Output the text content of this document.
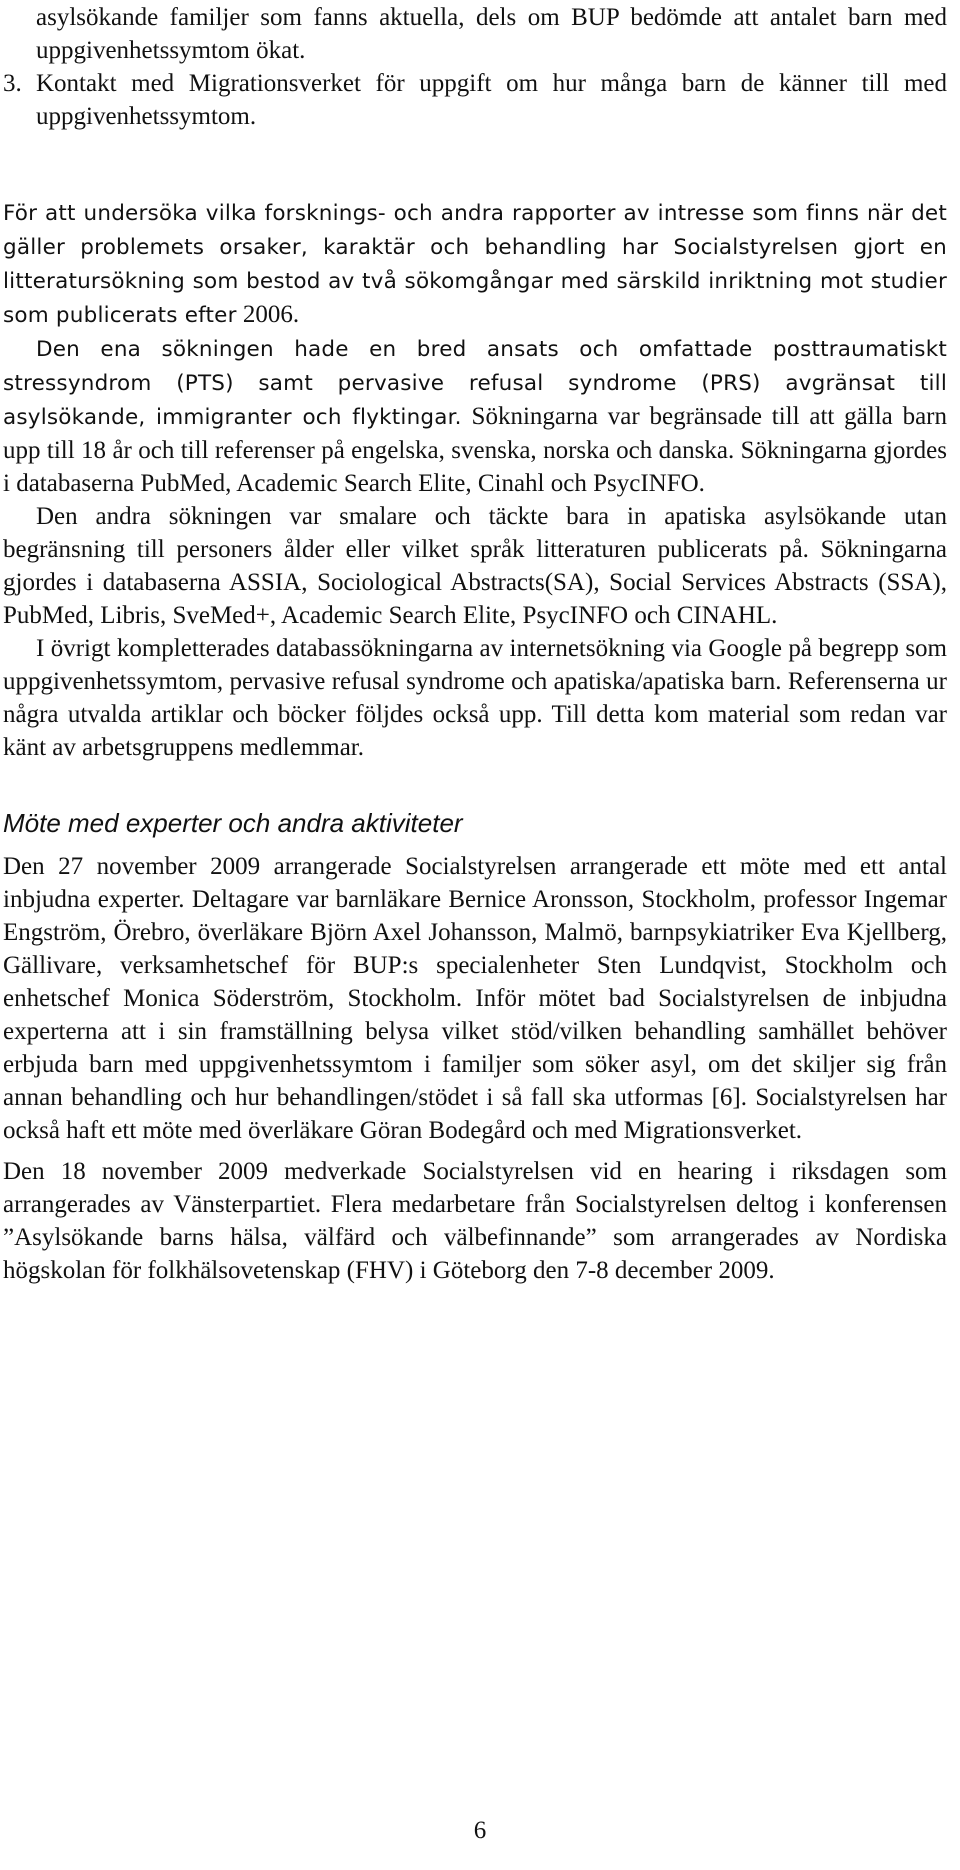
asylsökande familjer som fanns aktuella, dels om BUP bedömde att antalet barn med uppgivenhetssymtom ökat.

3. Kontakt med Migrationsverket för uppgift om hur många barn de känner till med uppgivenhetssymtom.

För att undersöka vilka forsknings- och andra rapporter av intresse som finns när det gäller problemets orsaker, karaktär och behandling har Socialstyrelsen gjort en litteratursökning som bestod av två sökomgångar med särskild inriktning mot studier som publicerats efter 2006.

Den ena sökningen hade en bred ansats och omfattade posttraumatiskt stressyndrom (PTS) samt pervasive refusal syndrome (PRS) avgränsat till asylsökande, immigranter och flyktingar. Sökningarna var begränsade till att gälla barn upp till 18 år och till referenser på engelska, svenska, norska och danska. Sökningarna gjordes i databaserna PubMed, Academic Search Elite, Cinahl och PsycINFO.

Den andra sökningen var smalare och täckte bara in apatiska asylsökande utan begränsning till personers ålder eller vilket språk litteraturen publicerats på. Sökningarna gjordes i databaserna ASSIA, Sociological Abstracts(SA), Social Services Abstracts (SSA), PubMed, Libris, SveMed+, Academic Search Elite, PsycINFO och CINAHL.

I övrigt kompletterades databassökningarna av internetsökning via Google på begrepp som uppgivenhetssymtom, pervasive refusal syndrome och apatiska/apatiska barn. Referenserna ur några utvalda artiklar och böcker följdes också upp. Till detta kom material som redan var känt av arbetsgruppens medlemmar.

Möte med experter och andra aktiviteter

Den 27 november 2009 arrangerade Socialstyrelsen arrangerade ett möte med ett antal inbjudna experter. Deltagare var barnläkare Bernice Aronsson, Stockholm, professor Ingemar Engström, Örebro, överläkare Björn Axel Johansson, Malmö, barnpsykiatriker Eva Kjellberg, Gällivare, verksamhetschef för BUP:s specialenheter Sten Lundqvist, Stockholm och enhetschef Monica Söderström, Stockholm. Inför mötet bad Socialstyrelsen de inbjudna experterna att i sin framställning belysa vilket stöd/vilken behandling samhället behöver erbjuda barn med uppgivenhetssymtom i familjer som söker asyl, om det skiljer sig från annan behandling och hur behandlingen/stödet i så fall ska utformas [6]. Socialstyrelsen har också haft ett möte med överläkare Göran Bodegård och med Migrationsverket.

Den 18 november 2009 medverkade Socialstyrelsen vid en hearing i riksdagen som arrangerades av Vänsterpartiet. Flera medarbetare från Socialstyrelsen deltog i konferensen ”Asylsökande barns hälsa, välfärd och välbefinnande” som arrangerades av Nordiska högskolan för folkhälsovetenskap (FHV) i Göteborg den 7-8 december 2009.

6
